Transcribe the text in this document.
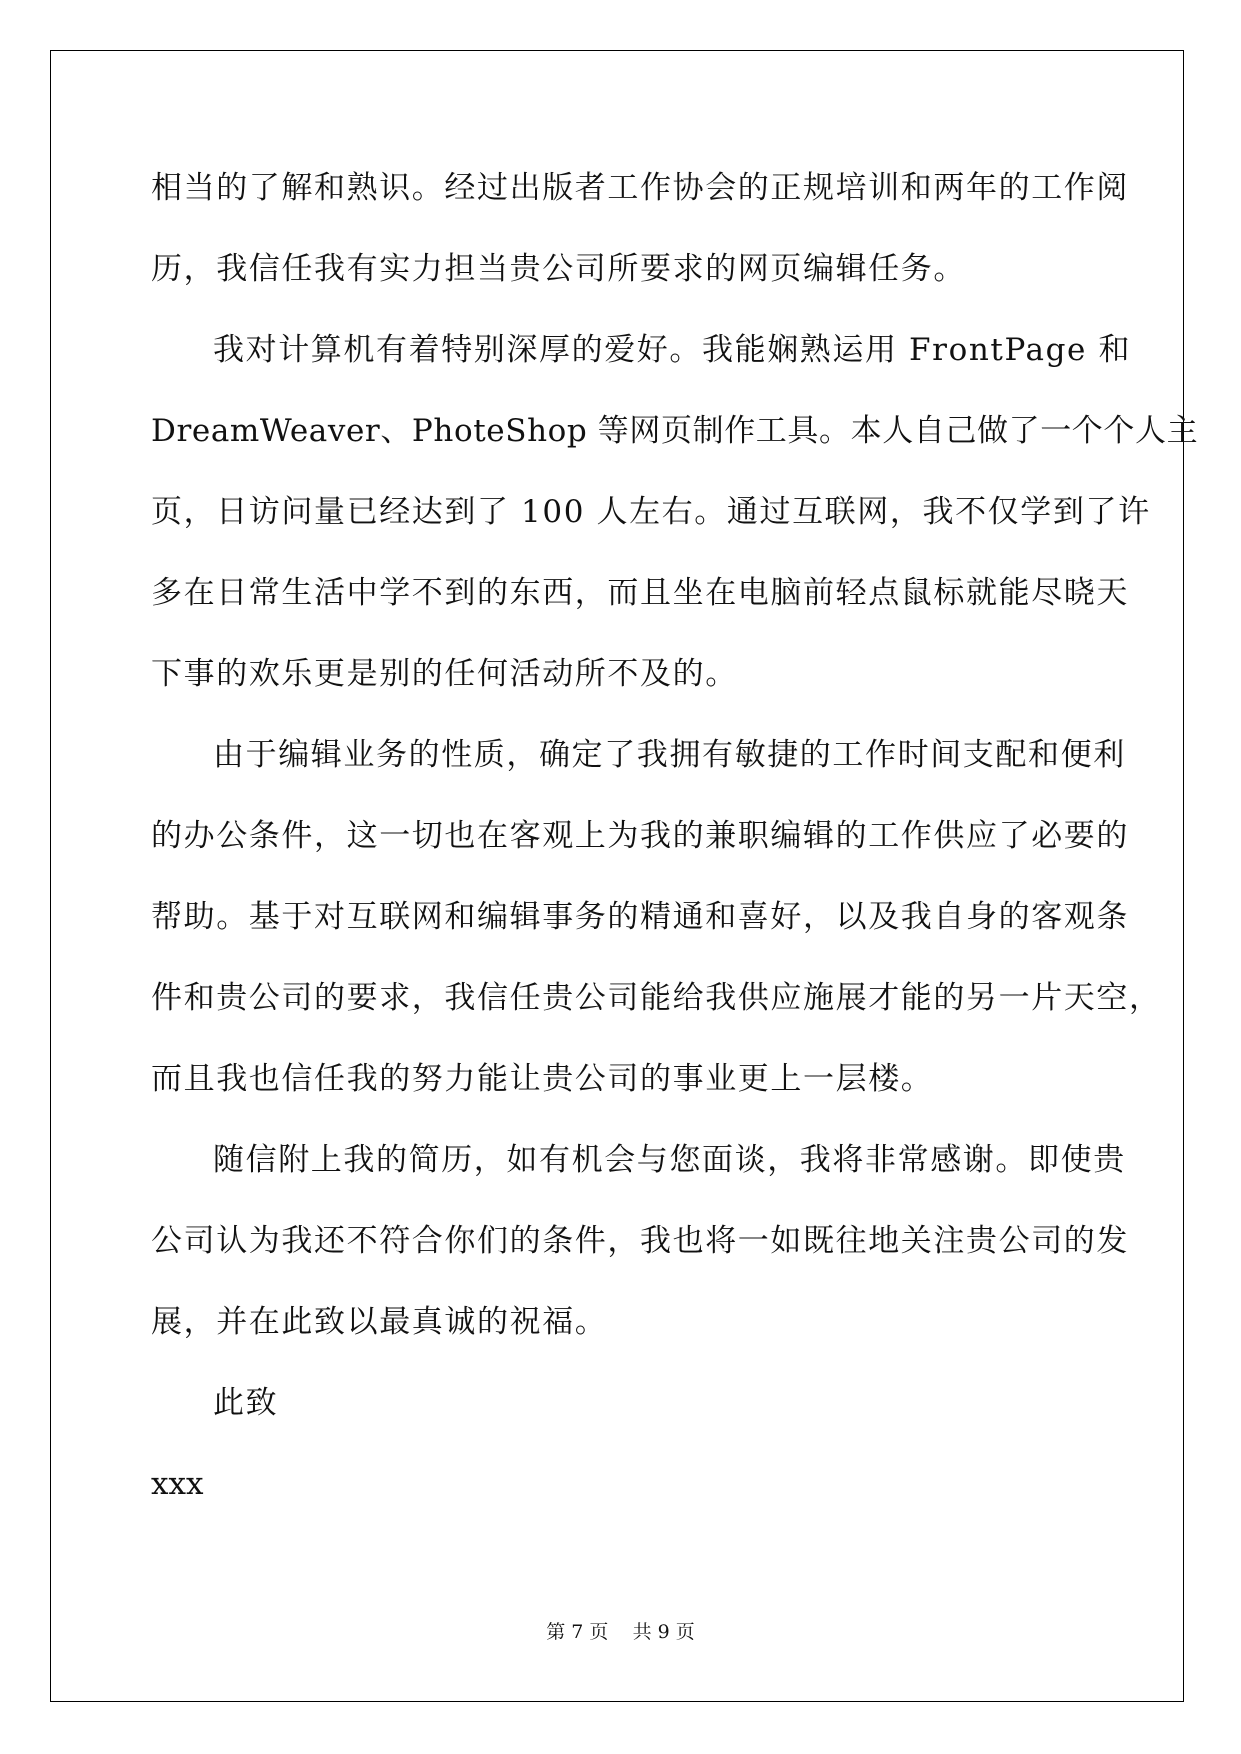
相当的了解和熟识。经过出版者工作协会的正规培训和两年的工作阅
历，我信任我有实力担当贵公司所要求的网页编辑任务。
我对计算机有着特别深厚的爱好。我能娴熟运用 FrontPage 和
DreamWeaver、PhoteShop 等网页制作工具。本人自己做了一个个人主
页，日访问量已经达到了 100 人左右。通过互联网，我不仅学到了许
多在日常生活中学不到的东西，而且坐在电脑前轻点鼠标就能尽晓天
下事的欢乐更是别的任何活动所不及的。
由于编辑业务的性质，确定了我拥有敏捷的工作时间支配和便利
的办公条件，这一切也在客观上为我的兼职编辑的工作供应了必要的
帮助。基于对互联网和编辑事务的精通和喜好，以及我自身的客观条
件和贵公司的要求，我信任贵公司能给我供应施展才能的另一片天空，
而且我也信任我的努力能让贵公司的事业更上一层楼。
随信附上我的简历，如有机会与您面谈，我将非常感谢。即使贵
公司认为我还不符合你们的条件，我也将一如既往地关注贵公司的发
展，并在此致以最真诚的祝福。
此致
xxx
第 7 页    共 9 页
